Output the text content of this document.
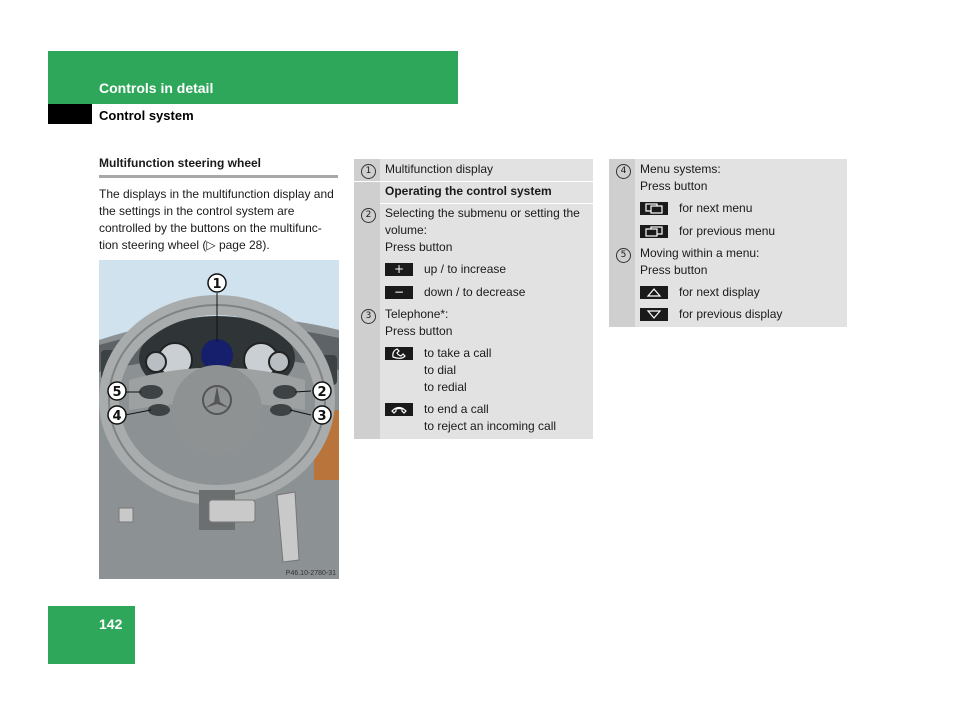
Controls in detail
Control system
Multifunction steering wheel
The displays in the multifunction display and the settings in the control system are controlled by the buttons on the multifunc-tion steering wheel (▷ page 28).
1
2
3
4
5
P46.10-2780-31
1	Multifunction display
Operating the control system
2	Selecting the submenu or setting the volume:
Press button
+	up / to increase
−	down / to decrease
3	Telephone*:
Press button
to take a call
to dial
to redial
to end a call
to reject an incoming call
4	Menu systems:
Press button
for next menu
for previous menu
5	Moving within a menu:
Press button
for next display
for previous display
142
